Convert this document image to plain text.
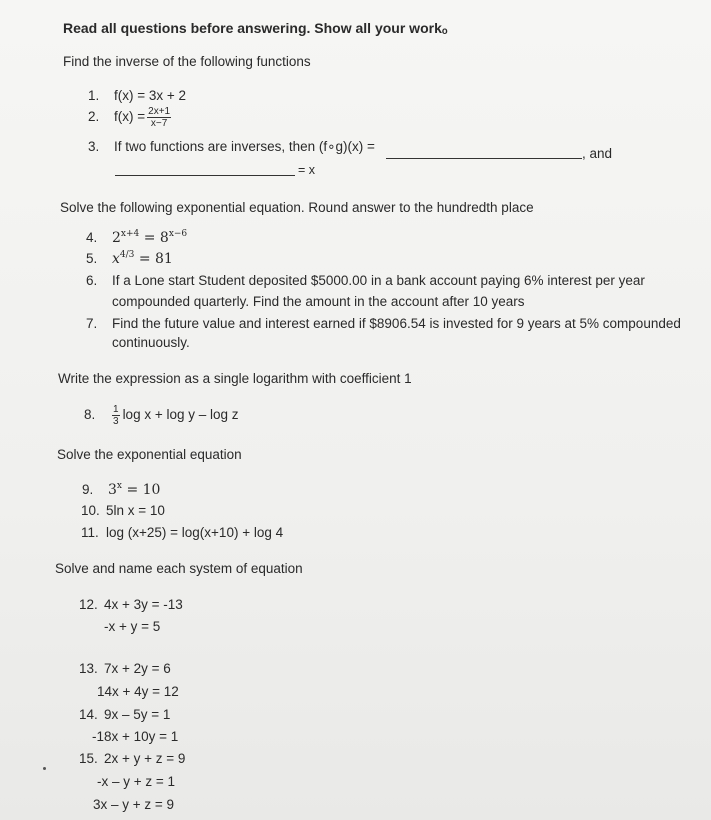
Read all questions before answering. Show all your workₒ
Find the inverse of the following functions
1. f(x) = 3x + 2
2. $f(x) = \frac{2x+1}{x-7}$
3. If two functions are inverses, then (f∘g)(x) =	, and
= x
Solve the following exponential equation. Round answer to the hundredth place
4. $2^{x+4} = 8^{x-6}$
5. $x^{4/3} = 81$
6. If a Lone start Student deposited $5000.00 in a bank account paying 6% interest per year
compounded quarterly. Find the amount in the account after 10 years
7. Find the future value and interest earned if $8906.54 is invested for 9 years at 5% compounded
continuously.
Write the expression as a single logarithm with coefficient 1
8. $\frac{1}{3}$ log x + log y – log z
Solve the exponential equation
9. $3^x = 10$
10. 5ln x = 10
11. log (x+25) = log(x+10) + log 4
Solve and name each system of equation
12. 4x + 3y = -13
-x + y = 5
13. 7x + 2y = 6
14x + 4y = 12
14. 9x – 5y = 1
-18x + 10y = 1
15. 2x + y + z = 9
-x – y + z = 1
3x – y + z = 9
